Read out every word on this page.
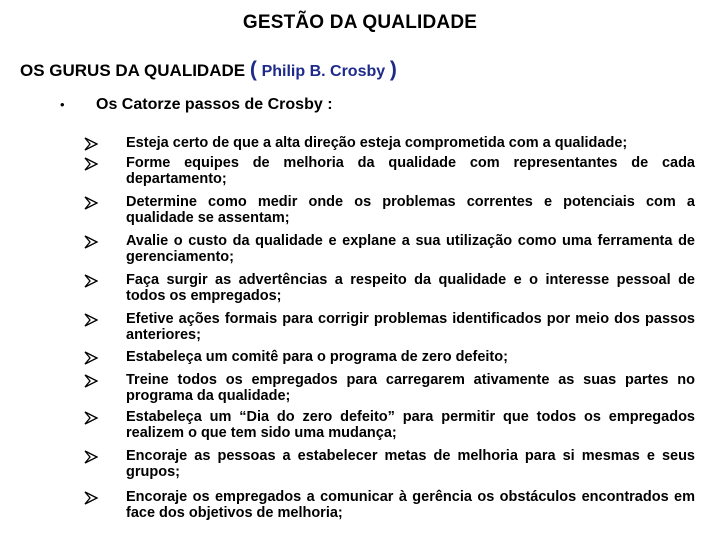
GESTÃO DA QUALIDADE
OS GURUS DA QUALIDADE ( Philip B. Crosby )
• Os Catorze passos de Crosby :
Esteja certo de que a alta direção esteja comprometida com a qualidade;
Forme equipes de melhoria da qualidade com representantes de cada departamento;
Determine como medir onde os problemas correntes e potenciais com a qualidade se assentam;
Avalie o custo da qualidade e explane a sua utilização como uma ferramenta de gerenciamento;
Faça surgir as advertências a respeito da qualidade e o interesse pessoal de todos os empregados;
Efetive ações formais para corrigir problemas identificados por meio dos passos anteriores;
Estabeleça um comitê para o programa de zero defeito;
Treine todos os empregados para carregarem ativamente as suas partes no programa da qualidade;
Estabeleça um “Dia do zero defeito” para permitir que todos os empregados realizem o que tem sido uma mudança;
Encoraje as pessoas a estabelecer metas de melhoria para si mesmas e seus grupos;
Encoraje os empregados a comunicar à gerência os obstáculos encontrados em face dos objetivos de melhoria;
